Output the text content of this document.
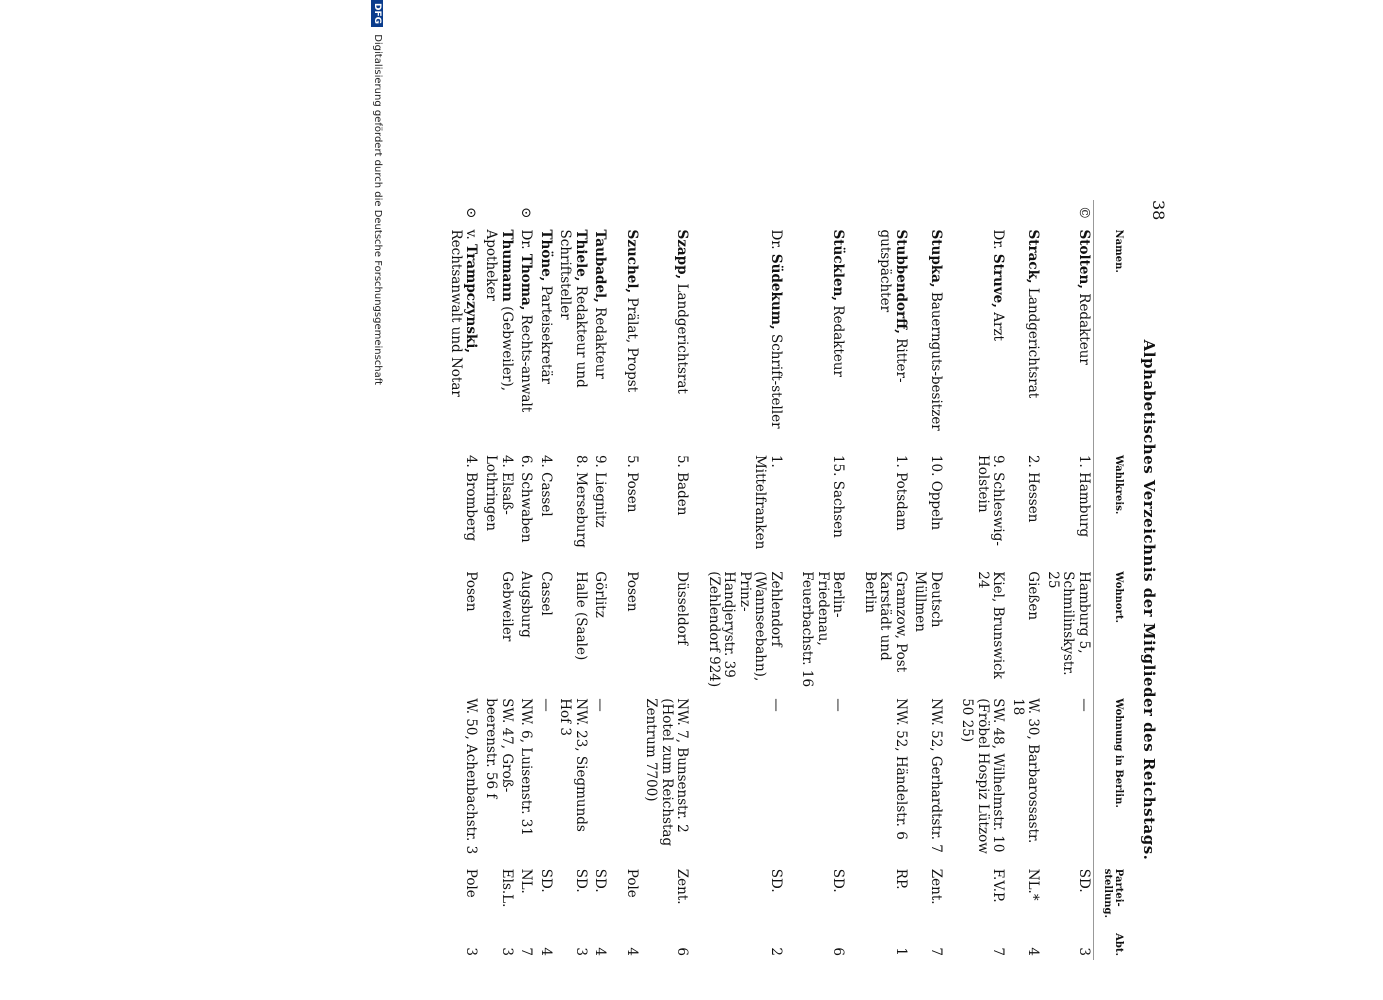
38
Alphabetisches Verzeichnis der Mitglieder des Reichstags.
	Namen.	Wahlkreis.	Wohnort.	Wohnung in Berlin.	Partei-stellung.	Abt.
©	Stolten, Redakteur	1. Hamburg	Hamburg 5, Schmilinskystr. 25	—	SD.	3
	Strack, Landgerichtsrat	2. Hessen	Gießen	W. 30, Barbarossastr. 18	NL.*	4
	Dr. Struve, Arzt	9. Schleswig-Holstein	Kiel, Brunswick 24	SW. 48, Wilhelmstr. 10 (Fröbel Hospiz Lützow 50 25)	F.V.P.	7
	Stupka, Bauernguts-besitzer	10. Oppeln	Deutsch Müllmen	NW. 52, Gerhardtstr. 7	Zent.	7
	Stubbendorff, Ritter-gutspächter	1. Potsdam	Gramzow, Post Karstädt und Berlin	NW. 52, Händelstr. 6	RP.	1
	Stücklen, Redakteur	15. Sachsen	Berlin-Friedenau, Feuerbachstr. 16	—	SD.	6
	Dr. Südekum, Schrift-steller	1. Mittelfranken	Zehlendorf (Wannseebahn), Prinz-Handjerystr. 39 (Zehlendorf 924)	—	SD.	2
	Szapp, Landgerichtsrat	5. Baden	Düsseldorf	NW. 7, Bunsenstr. 2 (Hotel zum Reichstag Zentrum 7700)	Zent.	6
	Szuchel, Prälat, Propst	5. Posen	Posen		Pole	4
	Taubadel, Redakteur	9. Liegnitz	Görlitz	—	SD.	4
	Thiele, Redakteur und Schriftsteller	8. Merseburg	Halle (Saale)	NW. 23, Siegmunds Hof 3	SD.	3
	Thöne, Parteisekretär	4. Cassel	Cassel	—	SD.	4
⊙	Dr. Thoma, Rechts-anwalt	6. Schwaben	Augsburg	NW. 6, Luisenstr. 31	NL.	7
	Thumann (Gebweiler), Apotheker	4. Elsaß-Lothringen	Gebweiler	SW. 47, Groß-beerenstr. 56 f	Els.L.	3
⊙	v. Trampczynski, Rechtsanwalt und Notar	4. Bromberg	Posen	W. 50, Achenbachstr. 3	Pole	3
DFG Digitalisierung gefördert durch die Deutsche Forschungsgemeinschaft
